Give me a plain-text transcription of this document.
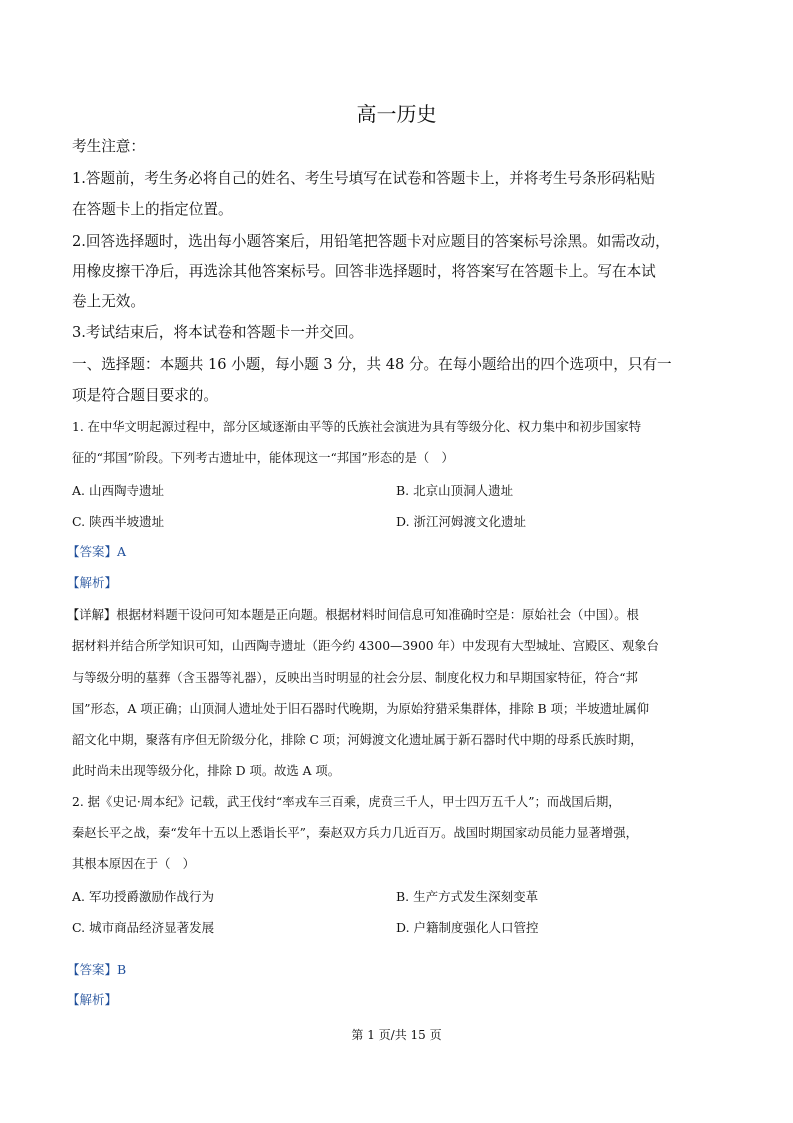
高一历史
考生注意：
1.答题前，考生务必将自己的姓名、考生号填写在试卷和答题卡上，并将考生号条形码粘贴
在答题卡上的指定位置。
2.回答选择题时，选出每小题答案后，用铅笔把答题卡对应题目的答案标号涂黑。如需改动，
用橡皮擦干净后，再选涂其他答案标号。回答非选择题时，将答案写在答题卡上。写在本试
卷上无效。
3.考试结束后，将本试卷和答题卡一并交回。
一、选择题：本题共 16 小题，每小题 3 分，共 48 分。在每小题给出的四个选项中，只有一
项是符合题目要求的。
1. 在中华文明起源过程中，部分区域逐渐由平等的氏族社会演进为具有等级分化、权力集中和初步国家特
征的“邦国”阶段。下列考古遗址中，能体现这一“邦国”形态的是（　）
A. 山西陶寺遗址	B. 北京山顶洞人遗址
C. 陕西半坡遗址	D. 浙江河姆渡文化遗址
【答案】A
【解析】
【详解】根据材料题干设问可知本题是正向题。根据材料时间信息可知准确时空是：原始社会（中国）。根
据材料并结合所学知识可知，山西陶寺遗址（距今约 4300—3900 年）中发现有大型城址、宫殿区、观象台
与等级分明的墓葬（含玉器等礼器），反映出当时明显的社会分层、制度化权力和早期国家特征，符合“邦
国”形态，A 项正确；山顶洞人遗址处于旧石器时代晚期，为原始狩猎采集群体，排除 B 项；半坡遗址属仰
韶文化中期，聚落有序但无阶级分化，排除 C 项；河姆渡文化遗址属于新石器时代中期的母系氏族时期，
此时尚未出现等级分化，排除 D 项。故选 A 项。
2. 据《史记·周本纪》记载，武王伐纣“率戎车三百乘，虎贲三千人，甲士四万五千人”；而战国后期，
秦赵长平之战，秦“发年十五以上悉诣长平”，秦赵双方兵力几近百万。战国时期国家动员能力显著增强，
其根本原因在于（　）
A. 军功授爵激励作战行为	B. 生产方式发生深刻变革
C. 城市商品经济显著发展	D. 户籍制度强化人口管控
【答案】B
【解析】
第 1 页/共 15 页
